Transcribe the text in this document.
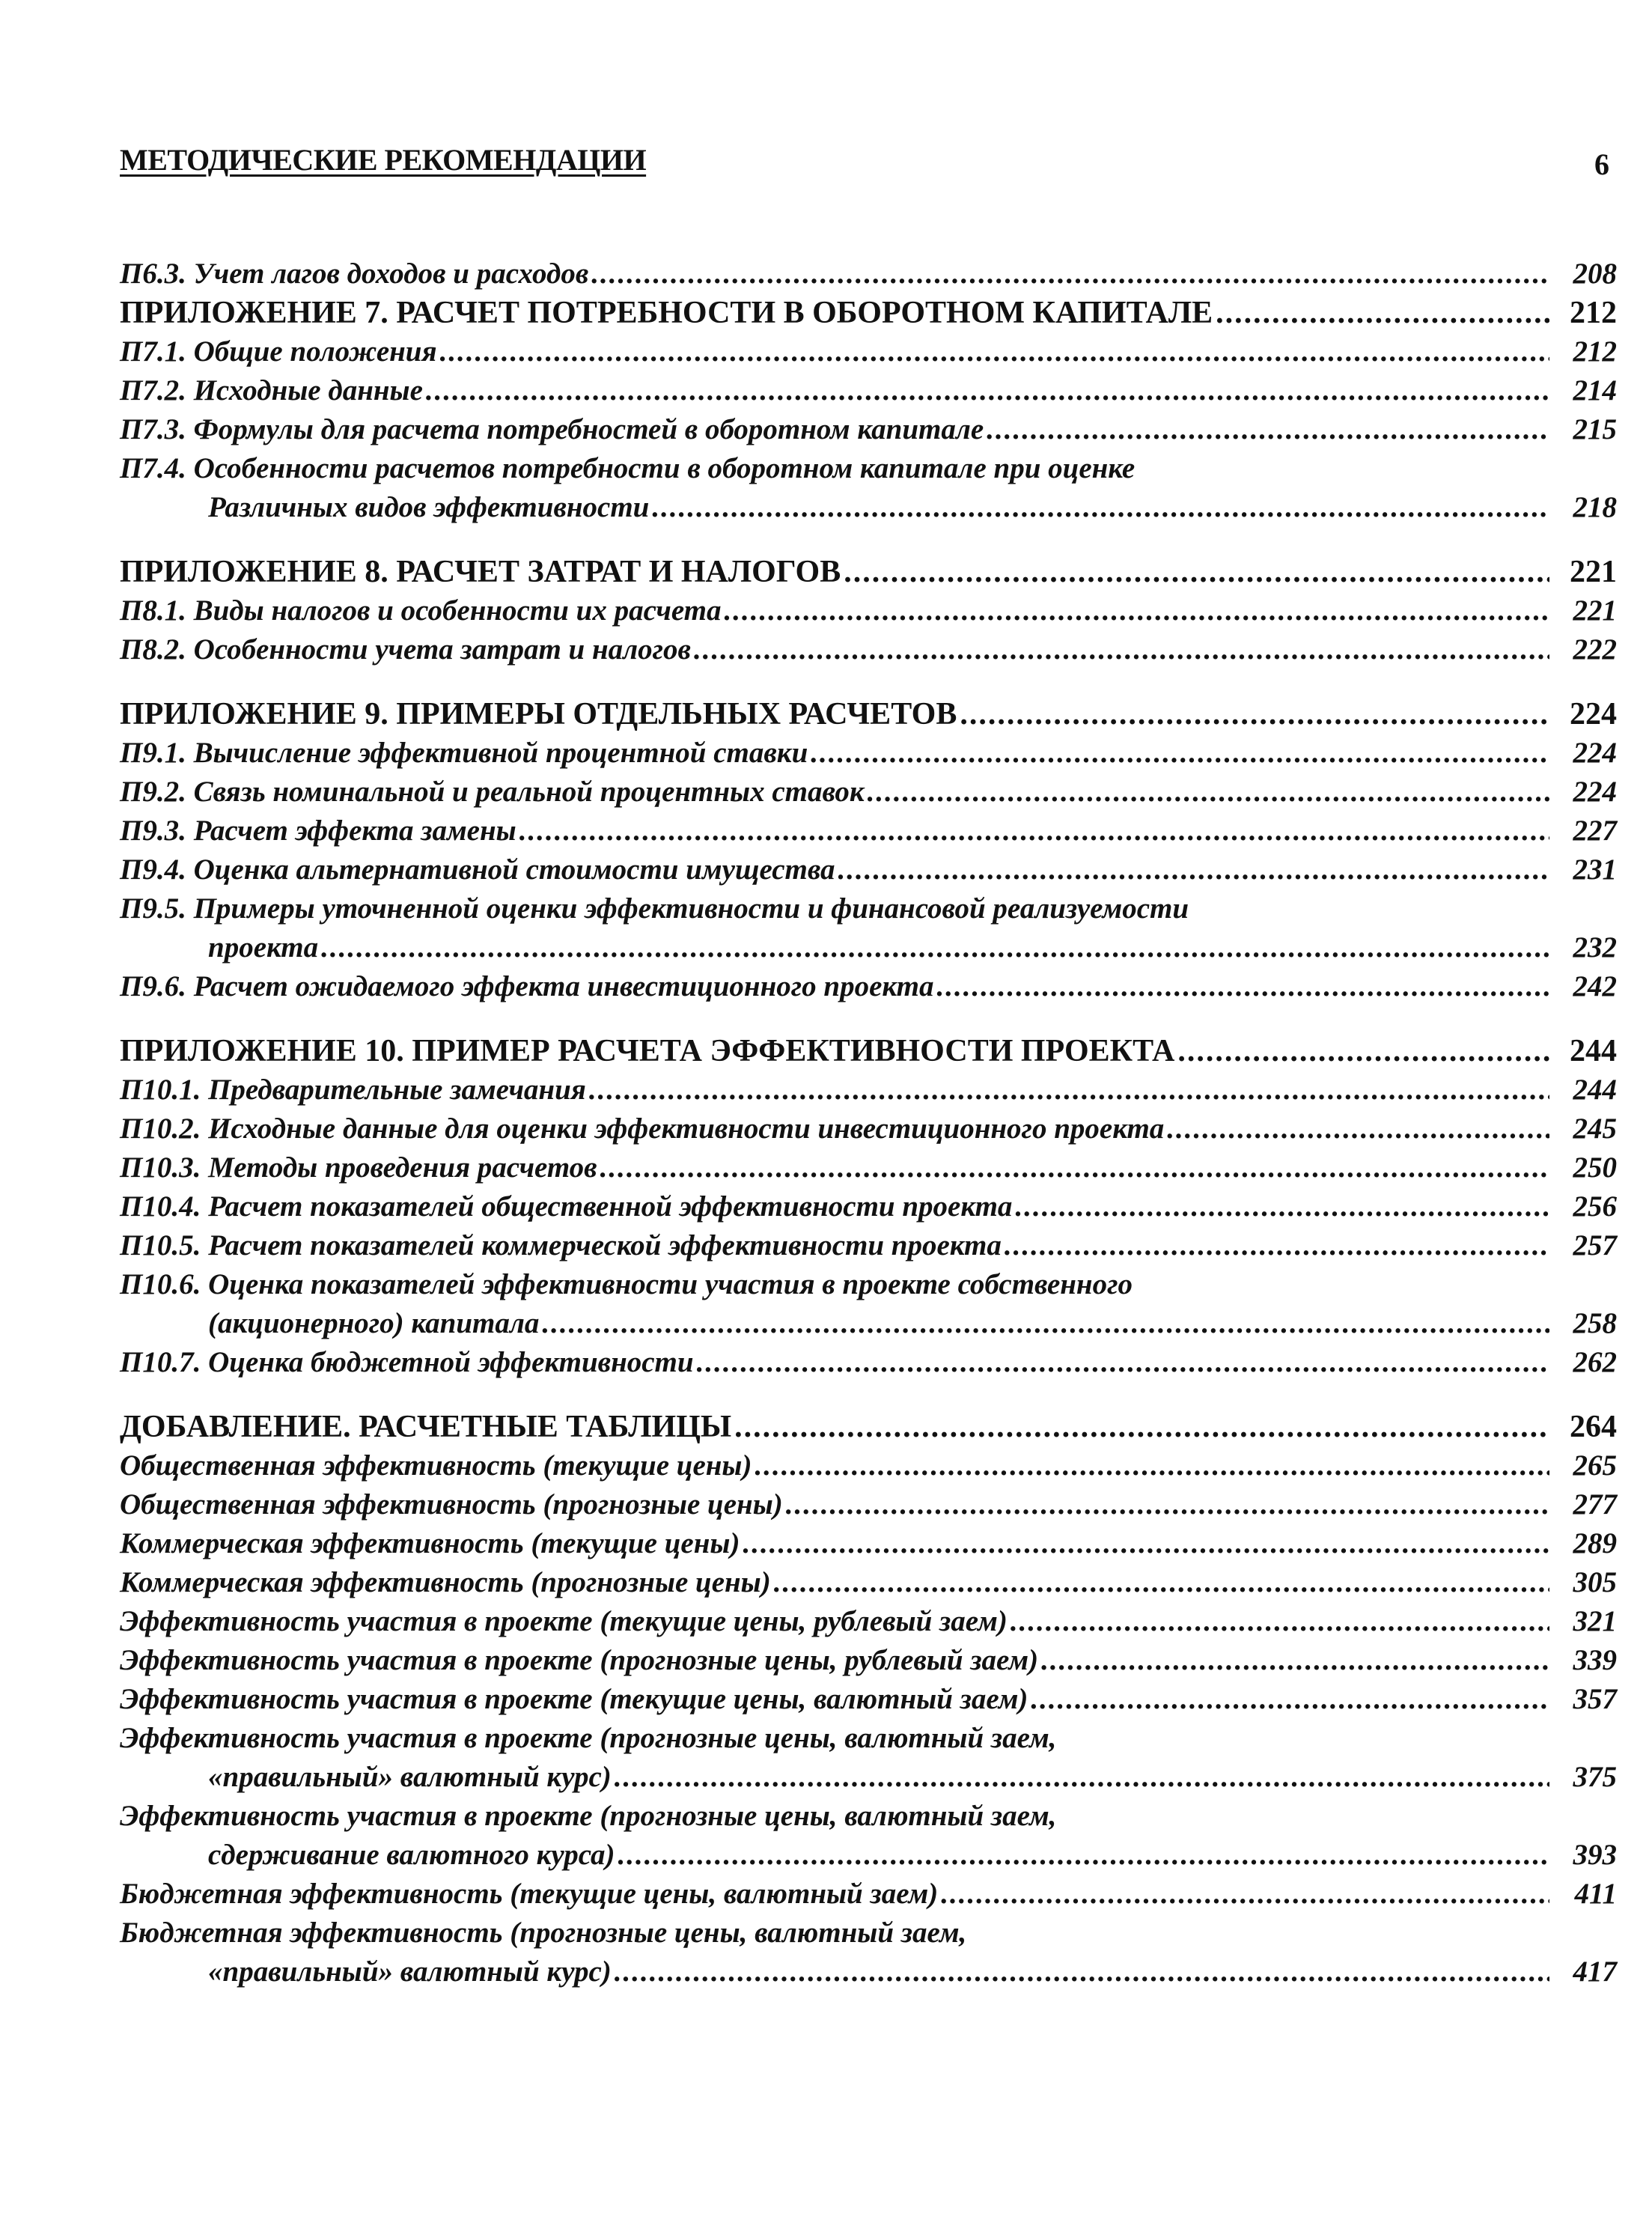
МЕТОДИЧЕСКИЕ РЕКОМЕНДАЦИИ	6
П6.3. Учет лагов доходов и расходов .....	208
ПРИЛОЖЕНИЕ 7. РАСЧЕТ ПОТРЕБНОСТИ В ОБОРОТНОМ КАПИТАЛЕ .....	212
П7.1. Общие положения .....	212
П7.2. Исходные данные .....	214
П7.3. Формулы для расчета потребностей в оборотном капитале .....	215
П7.4. Особенности расчетов потребности в оборотном капитале при оценке
Различных видов эффективности .....	218
ПРИЛОЖЕНИЕ 8. РАСЧЕТ ЗАТРАТ И НАЛОГОВ .....	221
П8.1. Виды налогов и особенности их расчета .....	221
П8.2. Особенности учета затрат и налогов .....	222
ПРИЛОЖЕНИЕ 9. ПРИМЕРЫ ОТДЕЛЬНЫХ РАСЧЕТОВ .....	224
П9.1. Вычисление эффективной процентной ставки .....	224
П9.2. Связь номинальной и реальной процентных ставок .....	224
П9.3. Расчет эффекта замены .....	227
П9.4. Оценка альтернативной стоимости имущества .....	231
П9.5. Примеры уточненной оценки эффективности и финансовой реализуемости
проекта .....	232
П9.6. Расчет ожидаемого эффекта инвестиционного проекта .....	242
ПРИЛОЖЕНИЕ 10. ПРИМЕР РАСЧЕТА ЭФФЕКТИВНОСТИ ПРОЕКТА .....	244
П10.1. Предварительные замечания .....	244
П10.2. Исходные данные для оценки эффективности инвестиционного проекта .....	245
П10.3. Методы проведения расчетов .....	250
П10.4. Расчет показателей общественной эффективности проекта .....	256
П10.5. Расчет показателей коммерческой эффективности проекта .....	257
П10.6. Оценка показателей эффективности участия в проекте собственного
(акционерного) капитала .....	258
П10.7. Оценка бюджетной эффективности .....	262
ДОБАВЛЕНИЕ. РАСЧЕТНЫЕ ТАБЛИЦЫ .....	264
Общественная эффективность (текущие цены) .....	265
Общественная эффективность (прогнозные цены) .....	277
Коммерческая эффективность (текущие цены) .....	289
Коммерческая эффективность (прогнозные цены) .....	305
Эффективность участия в проекте (текущие цены, рублевый заем) .....	321
Эффективность участия в проекте (прогнозные цены, рублевый заем) .....	339
Эффективность участия в проекте (текущие цены, валютный заем) .....	357
Эффективность участия в проекте (прогнозные цены, валютный заем,
«правильный» валютный курс) .....	375
Эффективность участия в проекте (прогнозные цены, валютный заем,
сдерживание валютного курса) .....	393
Бюджетная эффективность (текущие цены, валютный заем) .....	411
Бюджетная эффективность (прогнозные цены, валютный заем,
«правильный» валютный курс) .....	417
